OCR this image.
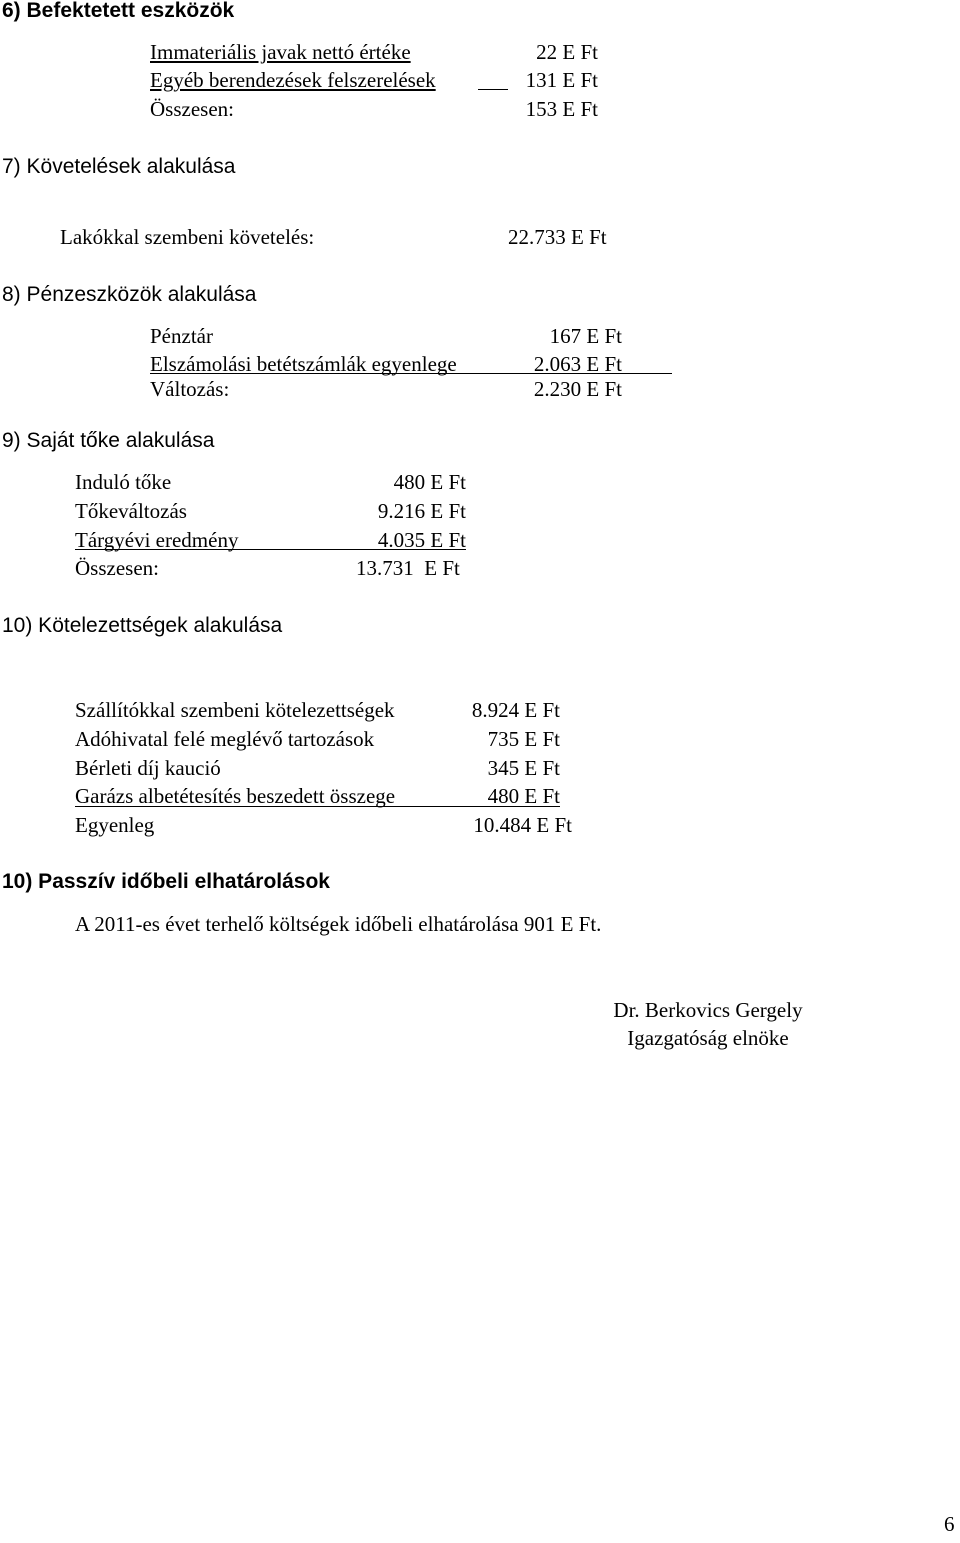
6) Befektetett eszközök
Immateriális javak nettó értéke	22 E Ft
Egyéb berendezések felszerelések	131 E Ft
Összesen:	153 E Ft
7) Követelések alakulása
Lakókkal szembeni követelés:	22.733 E Ft
8) Pénzeszközök alakulása
Pénztár	167 E Ft
Elszámolási betétszámlák egyenlege	2.063 E Ft
Változás:	2.230 E Ft
9) Saját tőke alakulása
Induló tőke	480 E Ft
Tőkeváltozás	9.216 E Ft
Tárgyévi eredmény	4.035 E Ft
Összesen:	13.731  E Ft
10) Kötelezettségek alakulása
Szállítókkal szembeni kötelezettségek	8.924 E Ft
Adóhivatal felé meglévő tartozások	735 E Ft
Bérleti díj kaució	345 E Ft
Garázs albetétesítés beszedett összege	480 E Ft
Egyenleg	10.484 E Ft
10) Passzív időbeli elhatárolások
A 2011-es évet terhelő költségek időbeli elhatárolása 901 E Ft.
Dr. Berkovics Gergely
Igazgatóság elnöke
6
